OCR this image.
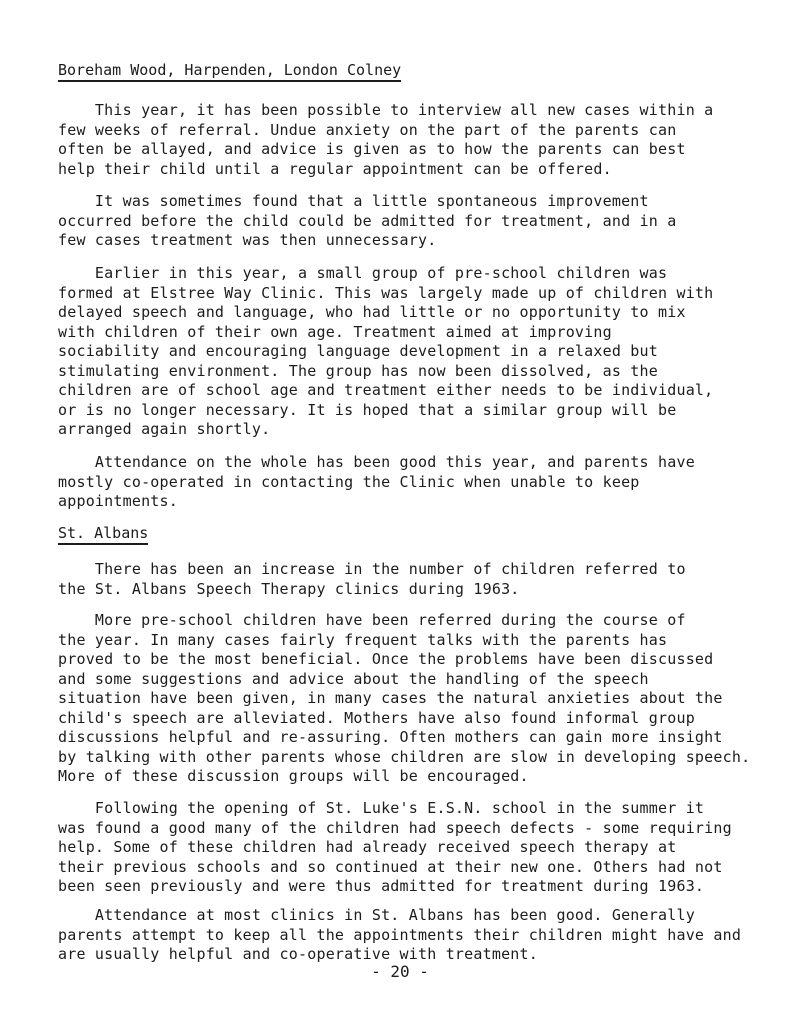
Boreham Wood, Harpenden, London Colney
This year, it has been possible to interview all new cases within a
few weeks of referral. Undue anxiety on the part of the parents can
often be allayed, and advice is given as to how the parents can best
help their child until a regular appointment can be offered.
It was sometimes found that a little spontaneous improvement
occurred before the child could be admitted for treatment, and in a
few cases treatment was then unnecessary.
Earlier in this year, a small group of pre-school children was
formed at Elstree Way Clinic. This was largely made up of children with
delayed speech and language, who had little or no opportunity to mix
with children of their own age. Treatment aimed at improving
sociability and encouraging language development in a relaxed but
stimulating environment. The group has now been dissolved, as the
children are of school age and treatment either needs to be individual,
or is no longer necessary. It is hoped that a similar group will be
arranged again shortly.
Attendance on the whole has been good this year, and parents have
mostly co-operated in contacting the Clinic when unable to keep
appointments.
St. Albans
There has been an increase in the number of children referred to
the St. Albans Speech Therapy clinics during 1963.
More pre-school children have been referred during the course of
the year. In many cases fairly frequent talks with the parents has
proved to be the most beneficial. Once the problems have been discussed
and some suggestions and advice about the handling of the speech
situation have been given, in many cases the natural anxieties about the
child's speech are alleviated. Mothers have also found informal group
discussions helpful and re-assuring. Often mothers can gain more insight
by talking with other parents whose children are slow in developing speech.
More of these discussion groups will be encouraged.
Following the opening of St. Luke's E.S.N. school in the summer it
was found a good many of the children had speech defects - some requiring
help. Some of these children had already received speech therapy at
their previous schools and so continued at their new one. Others had not
been seen previously and were thus admitted for treatment during 1963.
Attendance at most clinics in St. Albans has been good. Generally
parents attempt to keep all the appointments their children might have and
are usually helpful and co-operative with treatment.
- 20 -
